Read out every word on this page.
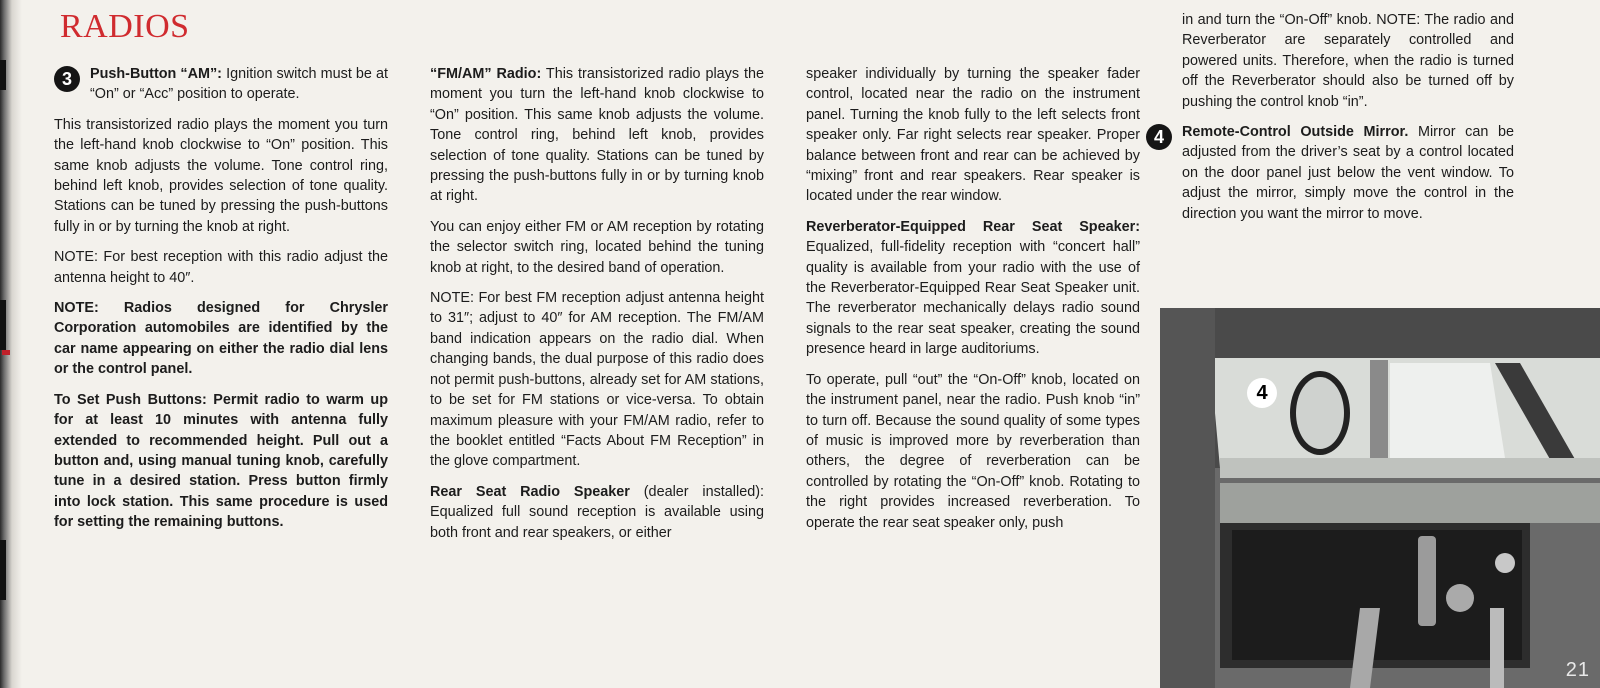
RADIOS

3	Push-Button “AM”: Ignition switch must be at “On” or “Acc” position to operate.

This transistorized radio plays the moment you turn the left-hand knob clockwise to “On” position. This same knob adjusts the volume. Tone control ring, behind left knob, provides selection of tone quality. Stations can be tuned by pressing the push-buttons fully in or by turning the knob at right.

NOTE: For best reception with this radio adjust the antenna height to 40″.

NOTE: Radios designed for Chrysler Corporation automobiles are identified by the car name appearing on either the radio dial lens or the control panel.

To Set Push Buttons: Permit radio to warm up for at least 10 minutes with antenna fully extended to recommended height. Pull out a button and, using manual tuning knob, carefully tune in a desired station. Press button firmly into lock station. This same procedure is used for setting the remaining buttons.

“FM/AM” Radio: This transistorized radio plays the moment you turn the left-hand knob clockwise to “On” position. This same knob adjusts the volume. Tone control ring, behind left knob, provides selection of tone quality. Stations can be tuned by pressing the push-buttons fully in or by turning knob at right.

You can enjoy either FM or AM reception by rotating the selector switch ring, located behind the tuning knob at right, to the desired band of operation.

NOTE: For best FM reception adjust antenna height to 31″; adjust to 40″ for AM reception. The FM/AM band indication appears on the radio dial. When changing bands, the dual purpose of this radio does not permit push-buttons, already set for AM stations, to be set for FM stations or vice-versa. To obtain maximum pleasure with your FM/AM radio, refer to the booklet entitled “Facts About FM Reception” in the glove compartment.

Rear Seat Radio Speaker (dealer installed): Equalized full sound reception is available using both front and rear speakers, or either

speaker individually by turning the speaker fader control, located near the radio on the instrument panel. Turning the knob fully to the left selects front speaker only. Far right selects rear speaker. Proper balance between front and rear can be achieved by “mixing” front and rear speakers. Rear speaker is located under the rear window.

Reverberator-Equipped Rear Seat Speaker: Equalized, full-fidelity reception with “concert hall” quality is available from your radio with the use of the Reverberator-Equipped Rear Seat Speaker unit. The reverberator mechanically delays radio sound signals to the rear seat speaker, creating the sound presence heard in large auditoriums.

To operate, pull “out” the “On-Off” knob, located on the instrument panel, near the radio. Push knob “in” to turn off. Because the sound quality of some types of music is improved more by reverberation than others, the degree of reverberation can be controlled by rotating the “On-Off” knob. Rotating to the right provides increased reverberation. To operate the rear seat speaker only, push

in and turn the “On-Off” knob. NOTE: The radio and Reverberator are separately controlled and powered units. Therefore, when the radio is turned off the Reverberator should also be turned off by pushing the control knob “in”.

4	Remote-Control Outside Mirror. Mirror can be adjusted from the driver’s seat by a control located on the door panel just below the vent window. To adjust the mirror, simply move the control in the direction you want the mirror to move.

4
21
